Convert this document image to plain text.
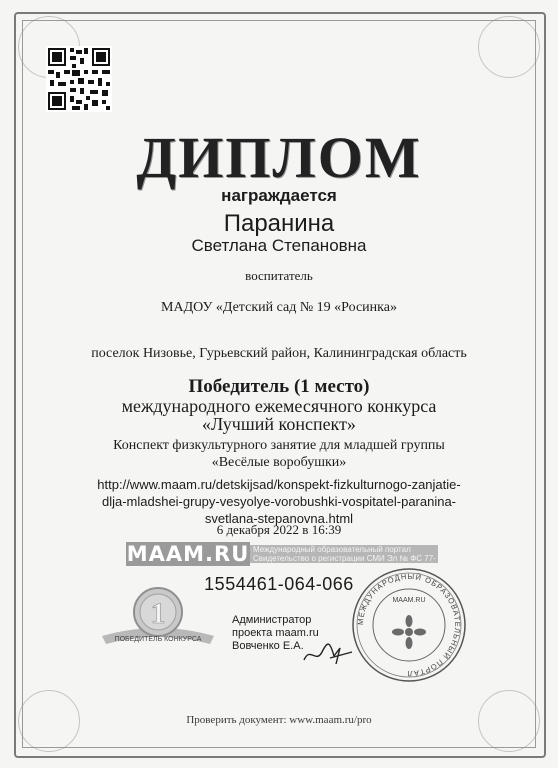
ДИПЛОМ
награждается
Паранина
Светлана Степановна
воспитатель
МАДОУ «Детский сад № 19 «Росинка»
поселок Низовье, Гурьевский район, Калининградская область
Победитель (1 место)
международного ежемесячного конкурса
«Лучший конспект»
Конспект физкультурного занятие для младшей группы
«Весёлые воробушки»
http://www.maam.ru/detskijsad/konspekt-fizkulturnogo-zanjatie-
dlja-mladshei-grupy-vesyolye-vorobushki-vospitatel-paranina-
svetlana-stepanovna.html
6 декабря 2022 в 16:39
MAAM.RU Международный образовательный портал
Свидетельство о регистрации СМИ Эл № ФС 77-
1554461-064-066
1
ПОБЕДИТЕЛЬ КОНКУРСА
Администратор
проекта maam.ru
Вовченко Е.А.
МЕЖДУНАРОДНЫЙ ОБРАЗОВАТЕЛЬНЫЙ ПОРТАЛ
MAAM.RU
Проверить документ: www.maam.ru/pro
